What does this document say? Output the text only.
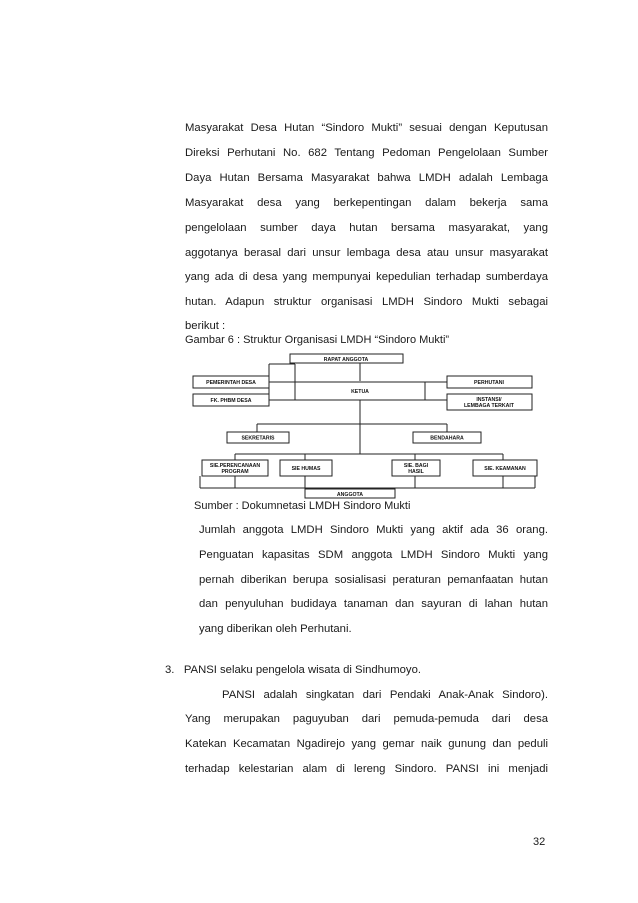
Masyarakat Desa Hutan “Sindoro Mukti” sesuai dengan Keputusan
Direksi Perhutani No. 682 Tentang Pedoman Pengelolaan Sumber
Daya Hutan Bersama Masyarakat bahwa LMDH adalah Lembaga
Masyarakat desa yang berkepentingan dalam bekerja sama
pengelolaan sumber daya hutan bersama masyarakat, yang
aggotanya berasal dari unsur lembaga desa atau unsur masyarakat
yang ada di desa yang mempunyai kepedulian terhadap sumberdaya
hutan. Adapun struktur organisasi LMDH Sindoro Mukti sebagai
berikut :
Gambar 6 : Struktur Organisasi LMDH “Sindoro Mukti”
RAPAT ANGGOTA
PEMERINTAH DESA
FK. PHBM DESA
KETUA
PERHUTANI
INSTANSI/
LEMBAGA TERKAIT
SEKRETARIS	BENDAHARA
SIE.PERENCANAAN
PROGRAM	SIE HUMAS	SIE. BAGI
HASIL	SIE. KEAMANAN
ANGGOTA
Sumber : Dokumnetasi LMDH Sindoro Mukti
Jumlah anggota LMDH Sindoro Mukti yang aktif ada 36 orang.
Penguatan kapasitas SDM anggota LMDH Sindoro Mukti yang
pernah diberikan berupa sosialisasi peraturan pemanfaatan hutan
dan penyuluhan budidaya tanaman dan sayuran di lahan hutan
yang diberikan oleh Perhutani.
3.   PANSI selaku pengelola wisata di Sindhumoyo.
PANSI adalah singkatan dari Pendaki Anak-Anak Sindoro).
Yang merupakan paguyuban dari pemuda-pemuda dari desa
Katekan Kecamatan Ngadirejo yang gemar naik gunung dan peduli
terhadap kelestarian alam di lereng Sindoro. PANSI ini menjadi
32
